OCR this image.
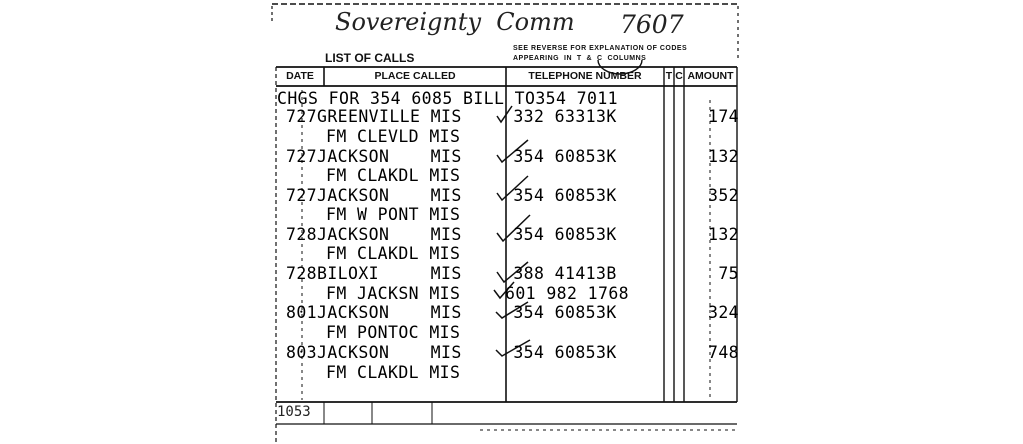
Sovereignty  Comm 7607
LIST OF CALLS
SEE REVERSE FOR EXPLANATION OF CODES
APPEARING  IN  T  &  C  COLUMNS
DATE	PLACE CALLED	TELEPHONE NUMBER	T C AMOUNT
CHGS FOR 354 6085 BILL TO354 7011
727GREENVILLE MIS     332 63313K	174
FM CLEVLD MIS
727JACKSON    MIS     354 60853K	132
FM CLAKDL MIS
727JACKSON    MIS     354 60853K	352
FM W PONT MIS
728JACKSON    MIS     354 60853K	132
FM CLAKDL MIS
728BILOXI     MIS     388 41413B	75
FM JACKSN MIS	601 982 1768
801JACKSON    MIS     354 60853K	324
FM PONTOC MIS
803JACKSON    MIS     354 60853K	748
FM CLAKDL MIS
1053
